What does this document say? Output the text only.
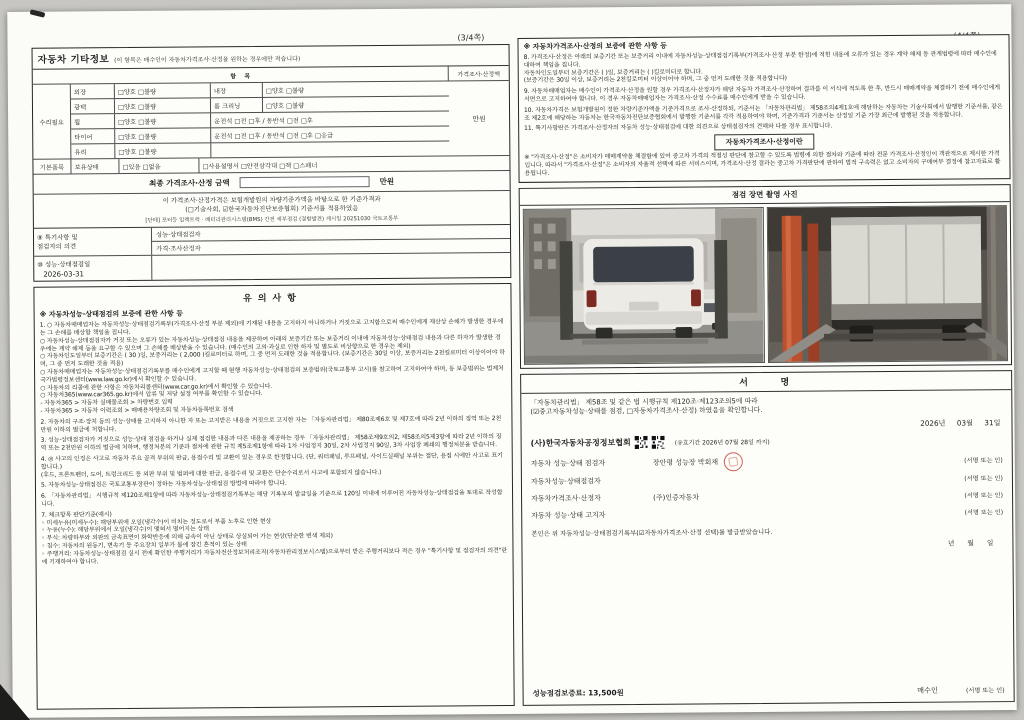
(3/4쪽)
자동차 기타정보 (이 항목은 매수인이 자동차가격조사·산정을 원하는 경우에만 적습니다)
항    목	가격조사·산정액
수리필요
외장	□양호 □불량	내장	□양호 □불량
광택	□양호 □불량	룸 크리닝	□양호 □불량
휠	□양호 □불량	운전석 □전 □후 / 동반석 □전 □후
타이어	□양호 □불량	운전석 □전 □후 / 동반석 □전 □후 □응급
유리	□양호 □불량
만원
기본품목	보유상태	□있음 □없음	□사용설명서 □안전삼각대 □잭 □스패너
최종 가격조사·산정 금액	만원
이 가격조사·산정가격은 보험개발원의 차량기준가액을 바탕으로 한 기준가격과
(□기술사회, ☑한국자동차진단보증협회) 기준서를 적용하였음
[단테] 포터등 일렉트럭 · 배터리관리시스템(BMS) 간전 세부점검 (결함발견) 게시일 20251030 국토교통부
⑨ 특기사항 및
점검자의 의견
성능·상태점검자
가격·조사산정자
⑩ 성능·상태점검일
2026-03-31
유의사항
※ 자동차성능·상태점검의 보증에 관한 사항 등
1. ○ 자동차매매업자는 자동차성능·상태점검기록부(가격조사·산정 부분 제외)에 기재된 내용을 고지하지 아니하거나 거짓으로 고지함으로써 매수인에게 재산상 손해가 발생한 경우에는 그 손해를 배상할 책임을 집니다.
○ 자동차성능·상태점검자가 거짓 또는 오류가 있는 자동차성능·상태점검 내용을 제공하여 아래의 보증기간 또는 보증거리 이내에 자동차성능·상태점검 내용과 다른 하자가 발생한 경우에는 계약 해제 등을 요구할 수 있으며 그 손해를 배상받을 수 있습니다. (매수인의 고의·과실로 인한 하자 및 별도로 비상향으로 한 경우는 제외)
○ 자동차인도일부터 보증기간은 ( 30 )일, 보증거리는 ( 2,000 )킬로미터로 하며, 그 중 먼저 도래한 것을 적용합니다. (보증기간은 30일 이상, 보증거리는 2천킬로미터 이상이어야 하며, 그 중 먼저 도래한 것을 적용)
○ 자동차매매업자는 자동차성능·상태점검기록부를 매수인에게 고지할 때 현행 자동차성능·상태점검의 보증범위(국토교통부 고시)를 참고하여 고지하여야 하며, 동 보증범위는 법제처 국가법령정보센터(www.law.go.kr)에서 확인할 수 있습니다.
○ 자동차의 리콜에 관한 사항은 자동차리콜센터(www.car.go.kr)에서 확인할 수 있습니다.
○ 자동차365(www.car365.go.kr)에서 압류 및 저당 설정 여부를 확인할 수 있습니다.
- 자동차365 > 자동차 실매물조회 > 차량번호 입력
- 자동차365 > 자동차 이력조회 > 매매용차량조회 및 자동차등록번호 검색
2. 자동차의 구조·장치 등의 성능·상태를 고지하지 아니한 자 또는 고지받은 내용을 거짓으로 고지한 자는 「자동차관리법」 제80조제6호 및 제7호에 따라 2년 이하의 징역 또는 2천만원 이하의 벌금에 처합니다.
3. 성능·상태점검자가 거짓으로 성능·상태 점검을 하거나 실제 점검한 내용과 다른 내용을 제공하는 경우 「자동차관리법」 제58조제9호의2, 제58조의5제3항에 따라 2년 이하의 징역 또는 2천만원 이하의 벌금에 처하며, 행정처분의 기준과 절차에 관한 규칙 제5조제1항에 따라 1차 사업정지 30일, 2차 사업정지 90일, 3차 사업장 폐쇄의 행정처분을 받습니다.
4. ◎ 사고의 인정은 사고로 자동차 주요 골격 부위의 판금, 용접수리 및 교환이 있는 경우로 한정합니다. (단, 쿼터패널, 루프패널, 사이드실패널 부위는 절단, 용접 시에만 사고로 표기합니다.)
(후드, 프론트펜더, 도어, 트렁크리드 등 외판 부위 및 범퍼에 대한 판금, 용접수리 및 교환은 단순수리로서 사고에 포함되지 않습니다.)
5. 자동차성능·상태점검은 국토교통부장관이 정하는 자동차성능·상태점검 방법에 따라야 합니다.
6. 「자동차관리법」 시행규칙 제120조제1항에 따라 자동차성능·상태점검기록부는 해당 기록부의 발급일을 기준으로 120일 이내에 이루어진 자동차성능·상태점검을 토대로 작성합니다.
7. 체크항목 판단기준(예시)
◦ 미세누유(미세누수): 해당부위에 오일(냉각수)이 비치는 정도로서 부품 노후로 인한 현상
◦ 누유(누수): 해당부위에서 오일(냉각수)이 맺혀서 떨어지는 상태
◦ 부식: 차량하부와 외판의 금속표면이 화학반응에 의해 금속이 아닌 상태로 상실되어 가는 현상(단순한 변색 제외)
◦ 침수: 자동차의 원동기, 변속기 등 주요장치 일부가 물에 잠긴 흔적이 있는 상태
◦ 주행거리: 자동차성능·상태점검 실시 전에 확인한 주행거리가 자동차전산정보처리조직(자동차관리정보시스템)으로부터 받은 주행거리보다 적은 경우 "특기사항 및 점검자의 의견"란에 기재하여야 합니다.
※ 자동차가격조사·산정의 보증에 관한 사항 등
8. 가격조사·산정은 아래의 보증기간 또는 보증거리 이내에 자동차성능·상태점검기록부(가격조사·산정 부분 한정)에 적힌 내용에 오류가 있는 경우 계약 해제 등 관계법령에 따라 매수인에 대하여 책임을 집니다.
자동차인도일부터 보증기간은 ( )일, 보증거리는 ( )킬로미터로 합니다.
(보증기간은 30일 이상, 보증거리는 2천킬로미터 이상이어야 하며, 그 중 먼저 도래한 것을 적용합니다)
9. 자동차매매업자는 매수인이 가격조사·산정을 원할 경우 가격조사·산정자가 해당 자동차 가격조사·산정하여 결과를 이 서식에 적도록 한 후, 반드시 매매계약을 체결하기 전에 매수인에게 서면으로 고지하여야 합니다. 이 경우 자동차매매업자는 가격조사·산정 수수료를 매수인에게 받을 수 있습니다.
10. 자동차가격은 보험개발원이 정한 차량기준가액을 기준가격으로 조사·산정하되, 기준서는 「자동차관리법」 제58조의4제1호에 해당하는 자동차는 기술사회에서 발행한 기준서를, 같은 조 제2호에 해당하는 자동차는 한국자동차진단보증협회에서 발행한 기준서를 각각 적용하여야 하며, 기준가격과 기준서는 산정일 기준 가장 최근에 발행된 것을 적용합니다.
11. 특기사항란은 가격조사·산정자의 자동차 성능·상태점검에 대한 의견으로 상태점검자의 견해와 다를 경우 표시합니다.
자동차가격조사·산정이란
※ "가격조사·산정"은 소비자가 매매계약을 체결함에 있어 중고차 가격의 적절성 판단에 참고할 수 있도록 법령에 의한 절차와 기준에 따라 전문 가격조사·산정인이 객관적으로 제시한 가격입니다. 따라서 "가격조사·산정"은 소비자의 자율적 선택에 따른 서비스이며, 가격조사·산정 결과는 중고차 가격판단에 관하여 법적 구속력은 없고 소비자의 구매여부 결정에 참고자료로 활용됩니다.
점검 장면 촬영 사진
서    명
「자동차관리법」 제58조 및 같은 법 시행규칙 제120조·제123조의5에 따라
(☑중고자동차성능·상태를 점검, □자동차가격조사·산정) 하였음을 확인합니다.
2026년     03월     31일
(사)한국자동차공정정보협회	(유효기간 2026년 07월 28일 까지)
자동차 성능·상태 점검자	장안평 성능장 박회재	(서명 또는 인)
자동차성능·상태점검자	(서명 또는 인)
자동차가격조사·산정자	(주)인증자동차	(서명 또는 인)
자동차 성능·상태 고지자	(서명 또는 인)
본인은 위 자동차성능·상태점검기록부(☑자동차가격조사·산정 선택)를 발급받았습니다.
년      월      일
성능점검보증료: 13,500원	매수인	(서명 또는 인)
